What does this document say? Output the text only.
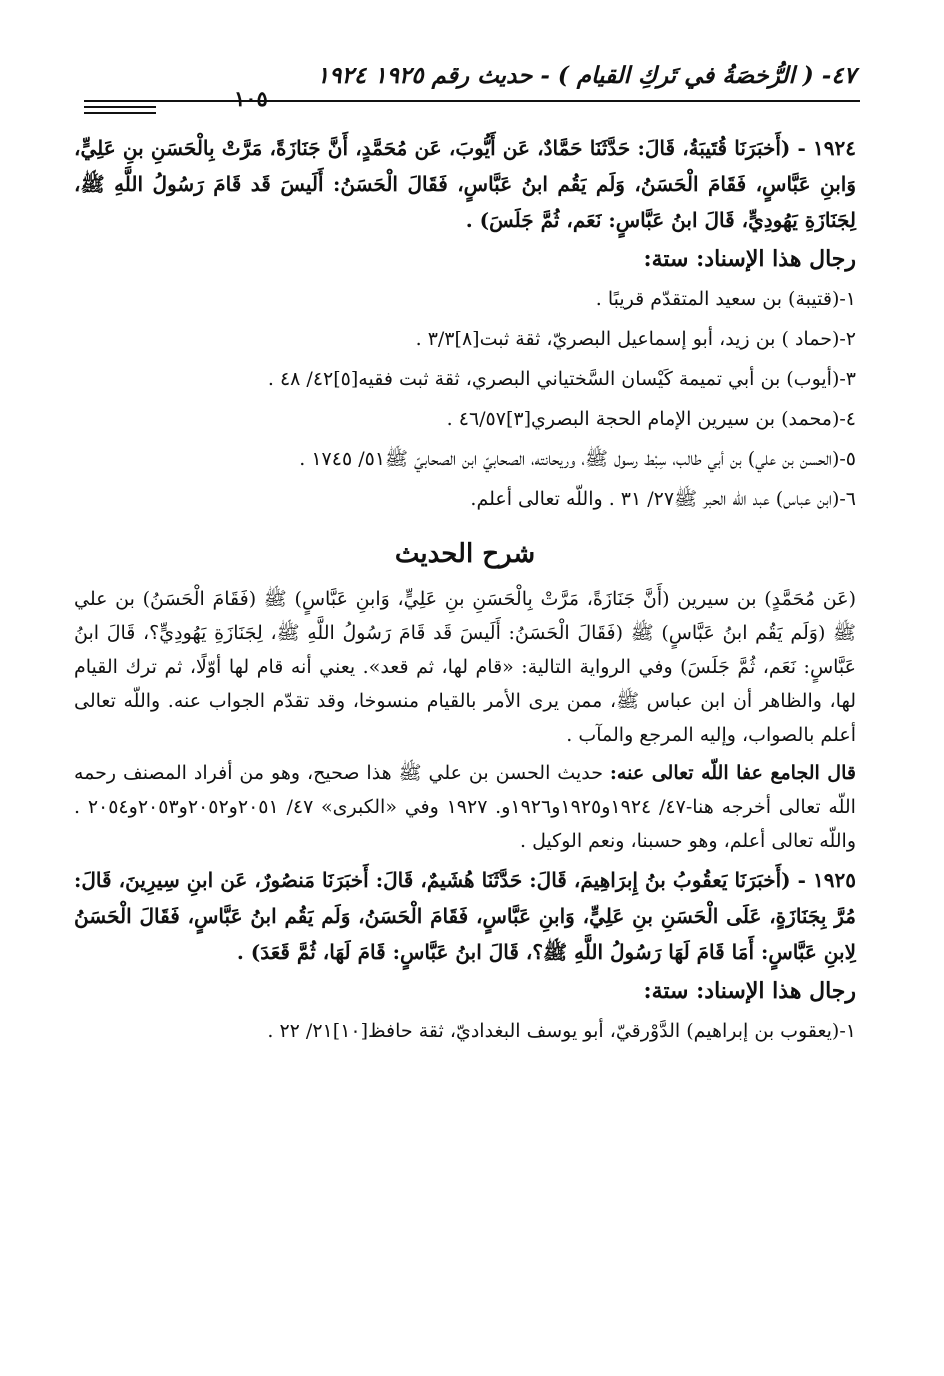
٤٧- ( الرُّخصَةُ في تَركِ القيام ) - حديث رقم ١٩٢٥ ١٩٢٤
١٠٥

١٩٢٤ - (أَخبَرَنَا قُتَيبَةُ، قَالَ: حَدَّثَنَا حَمَّادٌ، عَن أَيُّوبَ، عَن مُحَمَّدٍ، أَنَّ جَنَازَةً، مَرَّتْ بِالْحَسَنِ بنِ عَلِيٍّ، وَابنِ عَبَّاسٍ، فَقَامَ الْحَسَنُ، وَلَم يَقُم ابنُ عَبَّاسٍ، فَقَالَ الْحَسَنُ: أَلَيسَ قَد قَامَ رَسُولُ اللَّهِ ﷺ، لِجَنَازَةِ يَهُودِيٍّ، قَالَ ابنُ عَبَّاسٍ: نَعَم، ثُمَّ جَلَسَ) .

رجال هذا الإسناد: ستة:

١-(قتيبة) بن سعيد المتقدّم قريبًا .

٢-(حماد ) بن زيد، أبو إسماعيل البصريّ، ثقة ثبت[٨]٣/٣ .

٣-(أيوب) بن أبي تميمة كَيْسان السَّختياني البصري، ثقة ثبت فقيه[٥]٤٢/ ٤٨ .

٤-(محمد) بن سيرين الإمام الحجة البصري[٣]٤٦/٥٧ .

٥-(الحسن بن علي) بن أبي طالب، سِبْط رسول ﷺ، وريحانته، الصحابيّ ابن الصحابيّ ﷺ٥١/ ١٧٤٥ .

٦-(ابن عباس) عبد اللّه الحبر ﷺ٢٧/ ٣١ . واللّه تعالى أعلم.

شرح الحديث

(عَن مُحَمَّدٍ) بن سيرين (أَنَّ جَنَازَةً، مَرَّتْ بِالْحَسَنِ بنِ عَلِيٍّ، وَابنِ عَبَّاسٍ) ﷺ (فَقَامَ الْحَسَنُ) بن علي ﷺ (وَلَم يَقُم ابنُ عَبَّاسٍ) ﷺ (فَقَالَ الْحَسَنُ: أَلَيسَ قَد قَامَ رَسُولُ اللَّهِ ﷺ، لِجَنَازَةِ يَهُودِيٍّ؟، قَالَ ابنُ عَبَّاسٍ: نَعَم، ثُمَّ جَلَسَ) وفي الرواية التالية: «قام لها، ثم قعد». يعني أنه قام لها أوّلًا، ثم ترك القيام لها، والظاهر أن ابن عباس ﷺ، ممن يرى الأمر بالقيام منسوخا، وقد تقدّم الجواب عنه. واللّه تعالى أعلم بالصواب، وإليه المرجع والمآب .

قال الجامع عفا اللّه تعالى عنه: حديث الحسن بن علي ﷺ هذا صحيح، وهو من أفراد المصنف رحمه اللّه تعالى أخرجه هنا-٤٧/ ١٩٢٤و١٩٢٥و١٩٢٦و. ١٩٢٧ وفي «الكبرى» ٤٧/ ٢٠٥١و٢٠٥٢و٢٠٥٣و٢٠٥٤ . واللّه تعالى أعلم، وهو حسبنا، ونعم الوكيل .

١٩٢٥ - (أَخبَرَنَا يَعقُوبُ بنُ إِبرَاهِيمَ، قَالَ: حَدَّثَنَا هُشَيمٌ، قَالَ: أَخبَرَنَا مَنصُورٌ، عَن ابنِ سِيرِينَ، قَالَ: مُرَّ بِجَنَازَةٍ، عَلَى الْحَسَنِ بنِ عَلِيٍّ، وَابنِ عَبَّاسٍ، فَقَامَ الْحَسَنُ، وَلَم يَقُم ابنُ عَبَّاسٍ، فَقَالَ الْحَسَنُ لِابنِ عَبَّاسٍ: أَمَا قَامَ لَهَا رَسُولُ اللَّهِ ﷺ؟، قَالَ ابنُ عَبَّاسٍ: قَامَ لَهَا، ثُمَّ قَعَدَ) .

رجال هذا الإسناد: ستة:

١-(يعقوب بن إبراهيم) الدَّوْرقيّ، أبو يوسف البغداديّ، ثقة حافظ[١٠]٢١/ ٢٢ .
